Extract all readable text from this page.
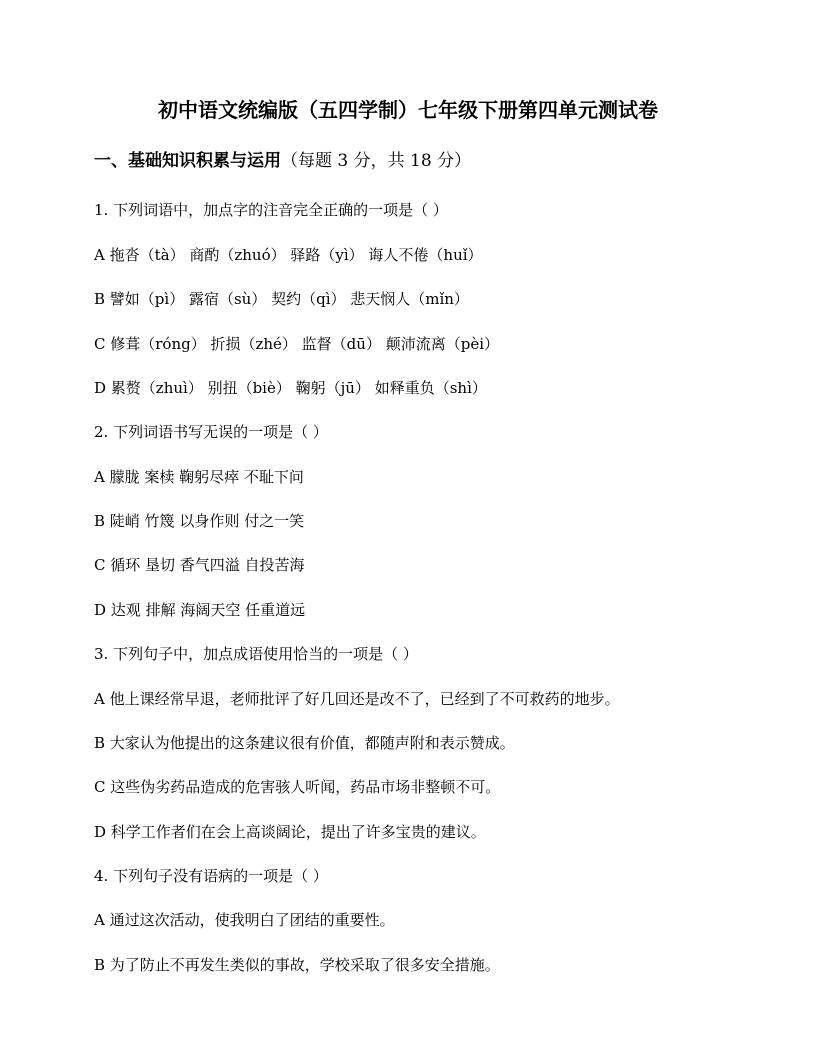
初中语文统编版（五四学制）七年级下册第四单元测试卷
一、基础知识积累与运用（每题 3 分，共 18 分）
1. 下列词语中，加点字的注音完全正确的一项是（ ）
A 拖沓（tà） 商酌（zhuó） 驿路（yì） 诲人不倦（huǐ）
B 譬如（pì） 露宿（sù） 契约（qì） 悲天悯人（mǐn）
C 修葺（róng） 折损（zhé） 监督（dū） 颠沛流离（pèi）
D 累赘（zhuì） 别扭（biè） 鞠躬（jū） 如释重负（shì）
2. 下列词语书写无误的一项是（ ）
A 朦胧 案椟 鞠躬尽瘁 不耻下问
B 陡峭 竹篾 以身作则 付之一笑
C 循环 垦切 香气四溢 自投苦海
D 达观 排解 海阔天空 任重道远
3. 下列句子中，加点成语使用恰当的一项是（ ）
A 他上课经常早退，老师批评了好几回还是改不了，已经到了不可救药的地步。
B 大家认为他提出的这条建议很有价值，都随声附和表示赞成。
C 这些伪劣药品造成的危害骇人听闻，药品市场非整顿不可。
D 科学工作者们在会上高谈阔论，提出了许多宝贵的建议。
4. 下列句子没有语病的一项是（ ）
A 通过这次活动，使我明白了团结的重要性。
B 为了防止不再发生类似的事故，学校采取了很多安全措施。
